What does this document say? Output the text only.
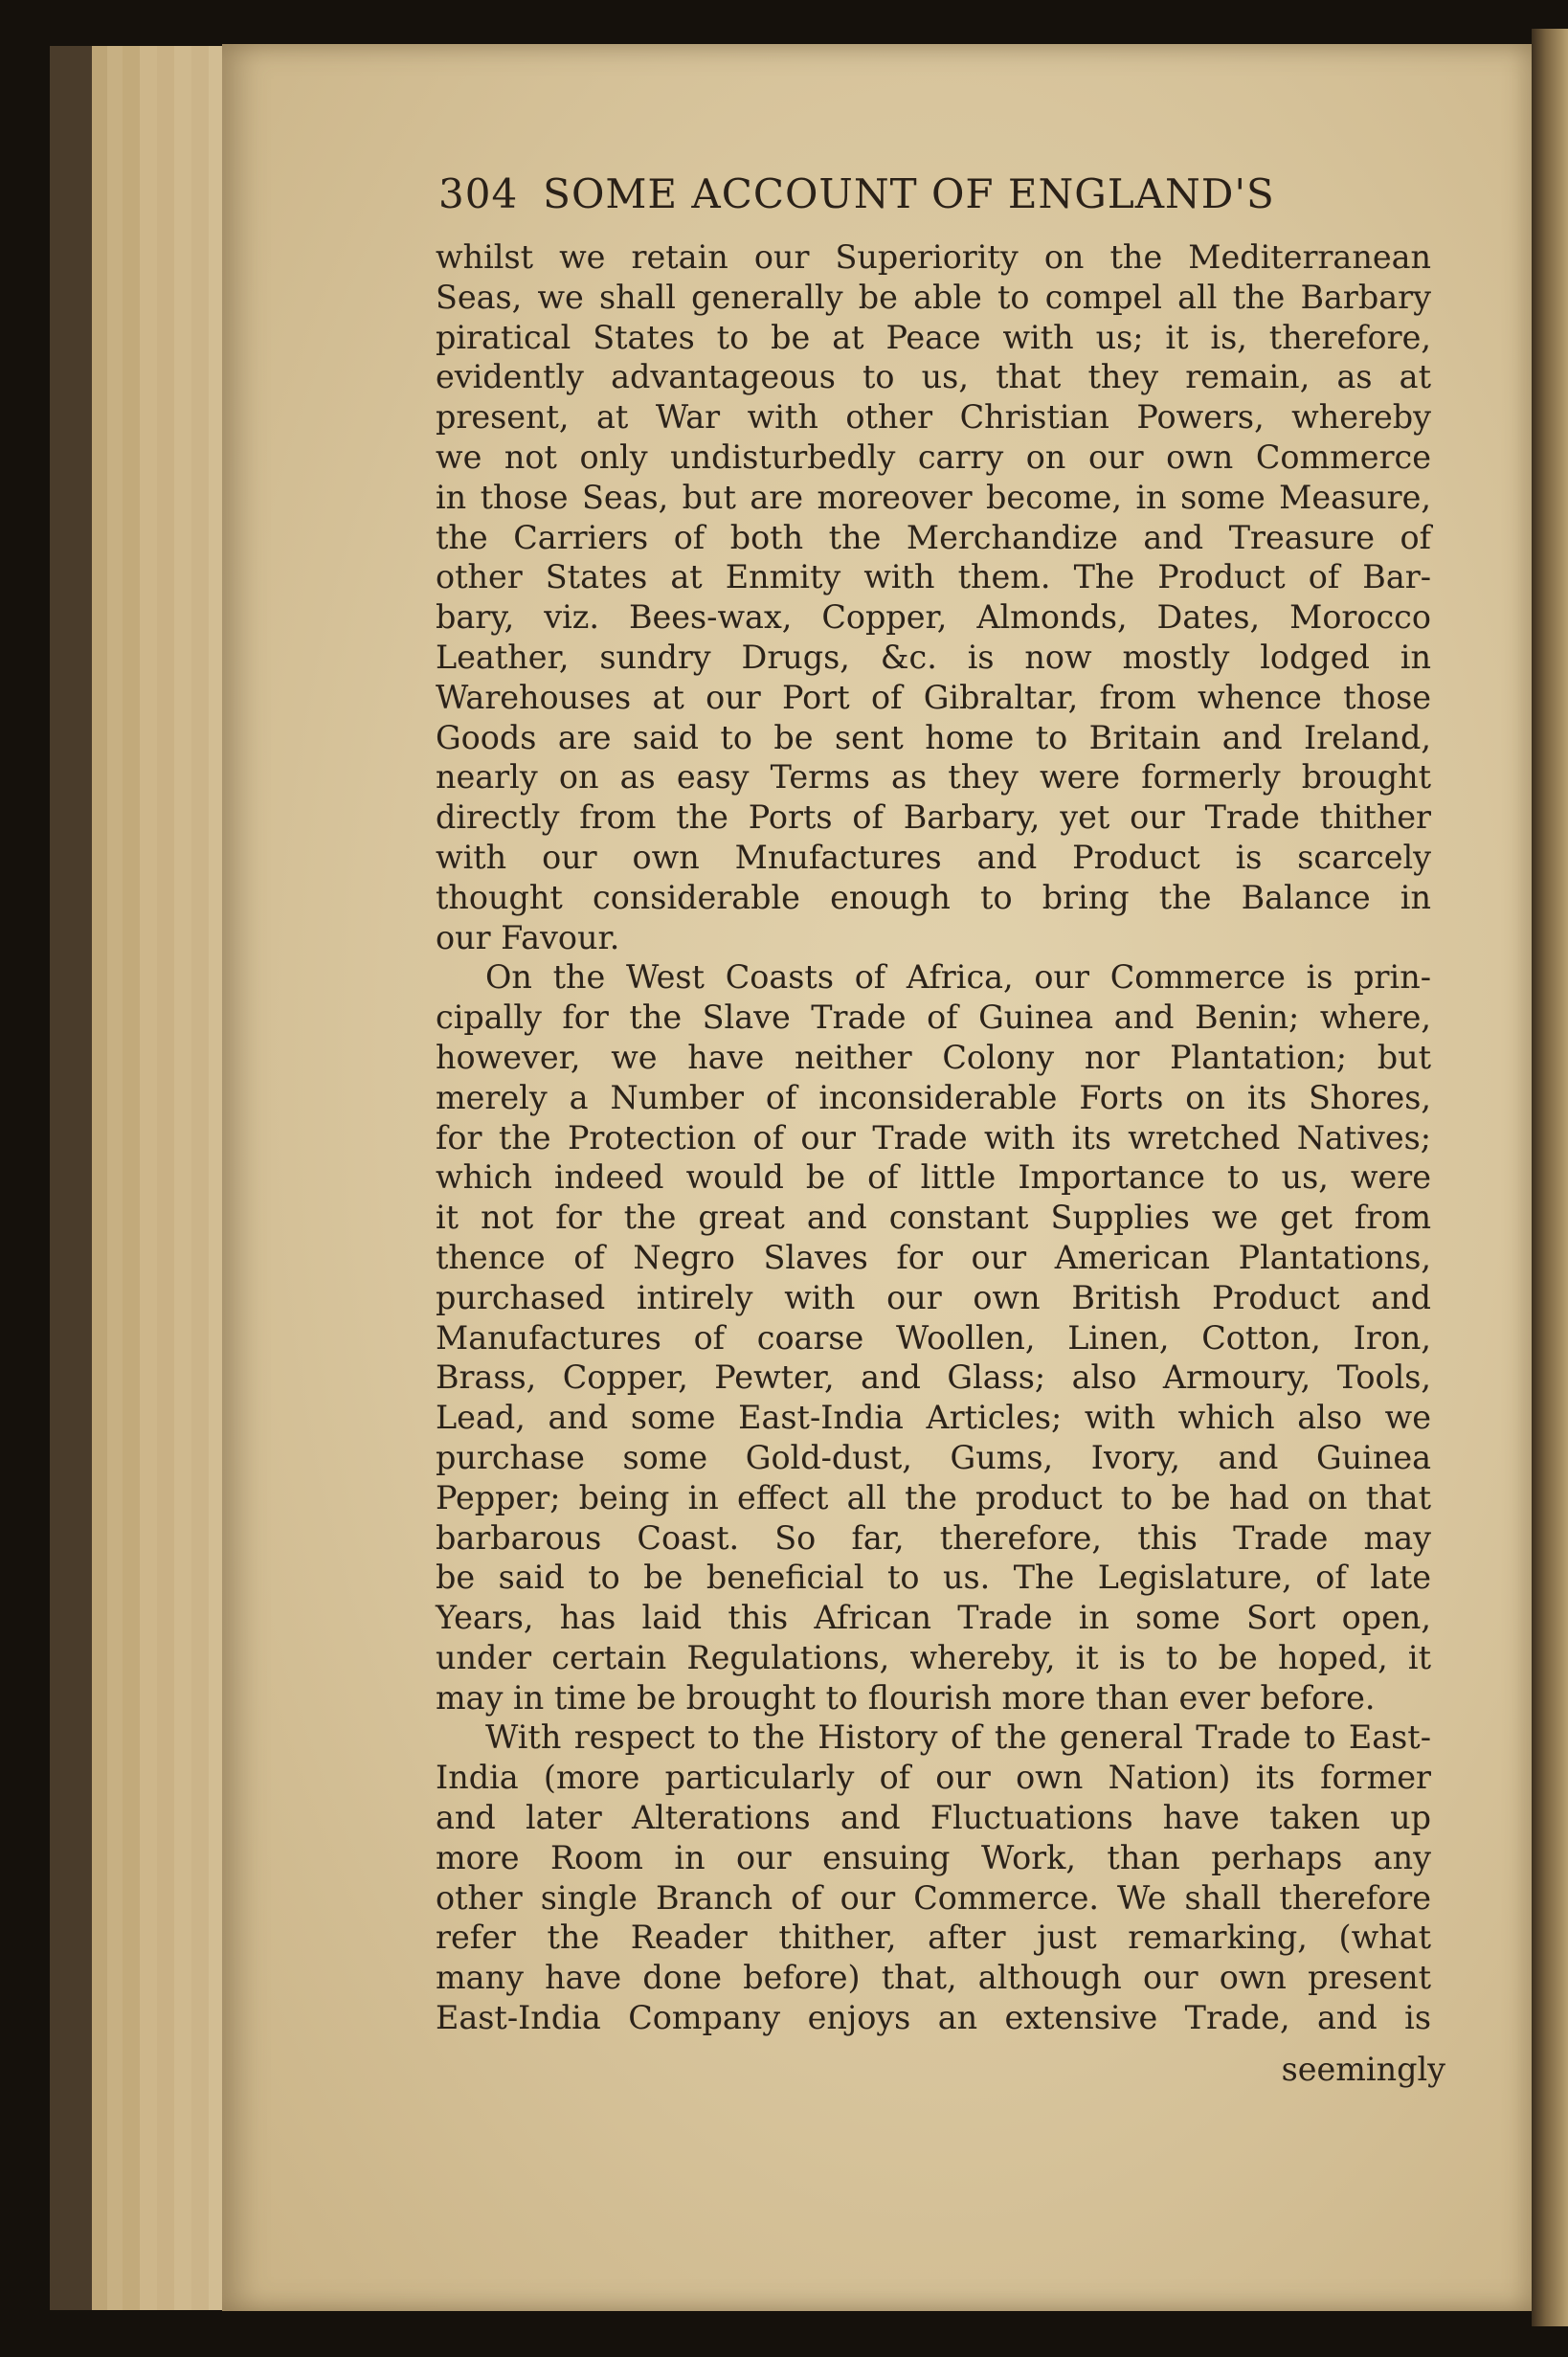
304 SOME ACCOUNT OF ENGLAND'S
whilst we retain our Superiority on the Mediterranean
Seas, we shall generally be able to compel all the Barbary
piratical States to be at Peace with us; it is, therefore,
evidently advantageous to us, that they remain, as at
present, at War with other Christian Powers, whereby
we not only undisturbedly carry on our own Commerce
in those Seas, but are moreover become, in some Measure,
the Carriers of both the Merchandize and Treasure of
other States at Enmity with them. The Product of Bar-
bary, viz. Bees-wax, Copper, Almonds, Dates, Morocco
Leather, sundry Drugs, &c. is now mostly lodged in
Warehouses at our Port of Gibraltar, from whence those
Goods are said to be sent home to Britain and Ireland,
nearly on as easy Terms as they were formerly brought
directly from the Ports of Barbary, yet our Trade thither
with our own Mnufactures and Product is scarcely
thought considerable enough to bring the Balance in
our Favour.
On the West Coasts of Africa, our Commerce is prin-
cipally for the Slave Trade of Guinea and Benin; where,
however, we have neither Colony nor Plantation; but
merely a Number of inconsiderable Forts on its Shores,
for the Protection of our Trade with its wretched Natives;
which indeed would be of little Importance to us, were
it not for the great and constant Supplies we get from
thence of Negro Slaves for our American Plantations,
purchased intirely with our own British Product and
Manufactures of coarse Woollen, Linen, Cotton, Iron,
Brass, Copper, Pewter, and Glass; also Armoury, Tools,
Lead, and some East-India Articles; with which also we
purchase some Gold-dust, Gums, Ivory, and Guinea
Pepper; being in effect all the product to be had on that
barbarous Coast. So far, therefore, this Trade may
be said to be beneficial to us. The Legislature, of late
Years, has laid this African Trade in some Sort open,
under certain Regulations, whereby, it is to be hoped, it
may in time be brought to flourish more than ever before.
With respect to the History of the general Trade to East-
India (more particularly of our own Nation) its former
and later Alterations and Fluctuations have taken up
more Room in our ensuing Work, than perhaps any
other single Branch of our Commerce. We shall therefore
refer the Reader thither, after just remarking, (what
many have done before) that, although our own present
East-India Company enjoys an extensive Trade, and is
seemingly
